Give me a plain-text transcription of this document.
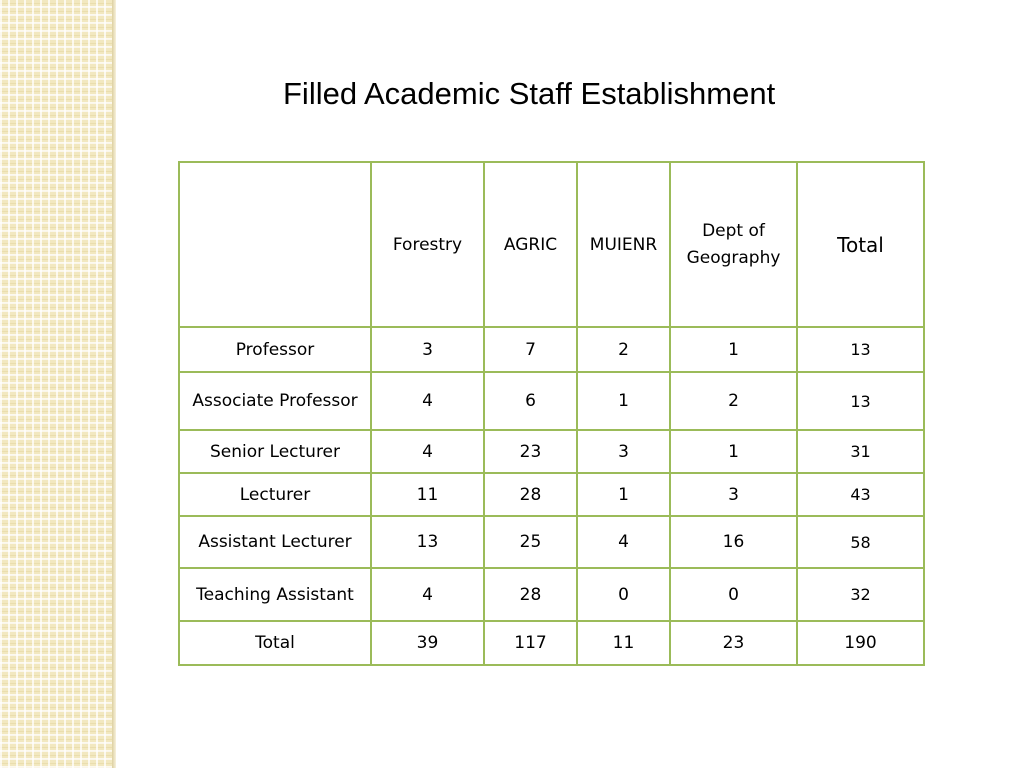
Filled Academic Staff Establishment
	Forestry	AGRIC	MUIENR	Dept of Geography	Total
Professor	3	7	2	1	13
Associate Professor	4	6	1	2	13
Senior Lecturer	4	23	3	1	31
Lecturer	11	28	1	3	43
Assistant Lecturer	13	25	4	16	58
Teaching Assistant	4	28	0	0	32
Total	39	117	11	23	190
